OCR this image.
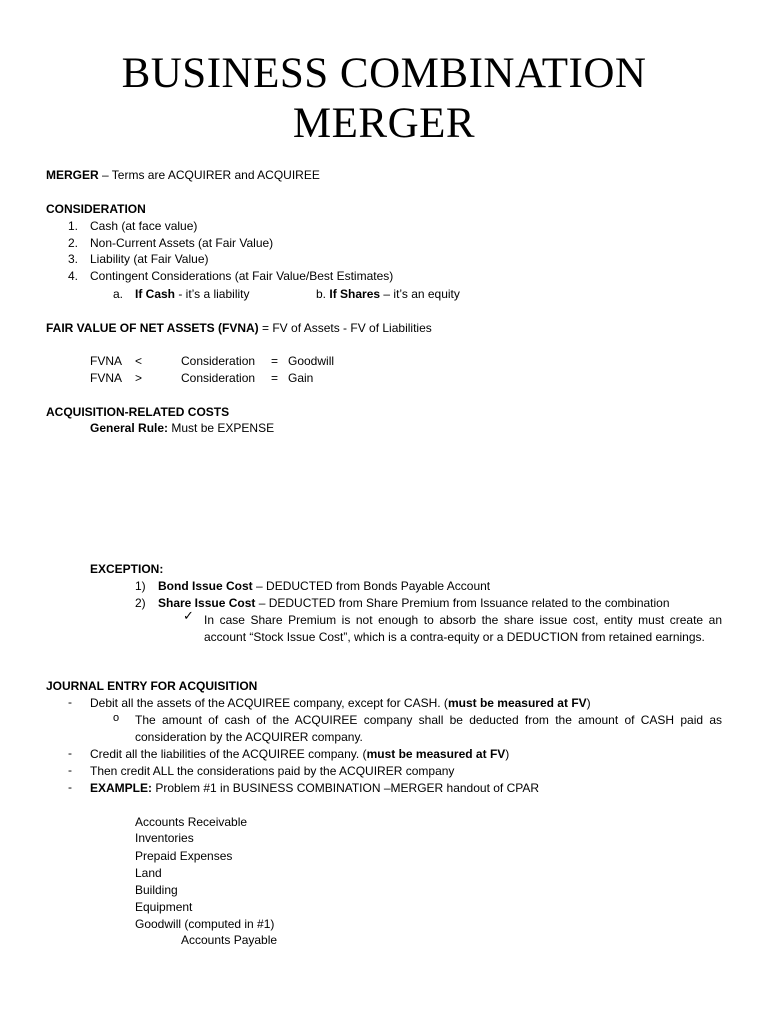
BUSINESS COMBINATION
MERGER
MERGER – Terms are ACQUIRER and ACQUIREE
CONSIDERATION
1. Cash (at face value)
2. Non-Current Assets (at Fair Value)
3. Liability (at Fair Value)
4. Contingent Considerations (at Fair Value/Best Estimates)
a. If Cash - it’s a liability	b. If Shares – it’s an equity
FAIR VALUE OF NET ASSETS (FVNA) = FV of Assets - FV of Liabilities
FVNA <	Consideration = Goodwill
FVNA >	Consideration = Gain
ACQUISITION-RELATED COSTS
General Rule: Must be EXPENSE
EXCEPTION:
1) Bond Issue Cost – DEDUCTED from Bonds Payable Account
2) Share Issue Cost – DEDUCTED from Share Premium from Issuance related to the combination
✓ In case Share Premium is not enough to absorb the share issue cost, entity must create an account “Stock Issue Cost”, which is a contra-equity or a DEDUCTION from retained earnings.
JOURNAL ENTRY FOR ACQUISITION
- Debit all the assets of the ACQUIREE company, except for CASH. (must be measured at FV)
o The amount of cash of the ACQUIREE company shall be deducted from the amount of CASH paid as consideration by the ACQUIRER company.
- Credit all the liabilities of the ACQUIREE company. (must be measured at FV)
- Then credit ALL the considerations paid by the ACQUIRER company
- EXAMPLE: Problem #1 in BUSINESS COMBINATION –MERGER handout of CPAR
Accounts Receivable
Inventories
Prepaid Expenses
Land
Building
Equipment
Goodwill (computed in #1)
Accounts Payable
